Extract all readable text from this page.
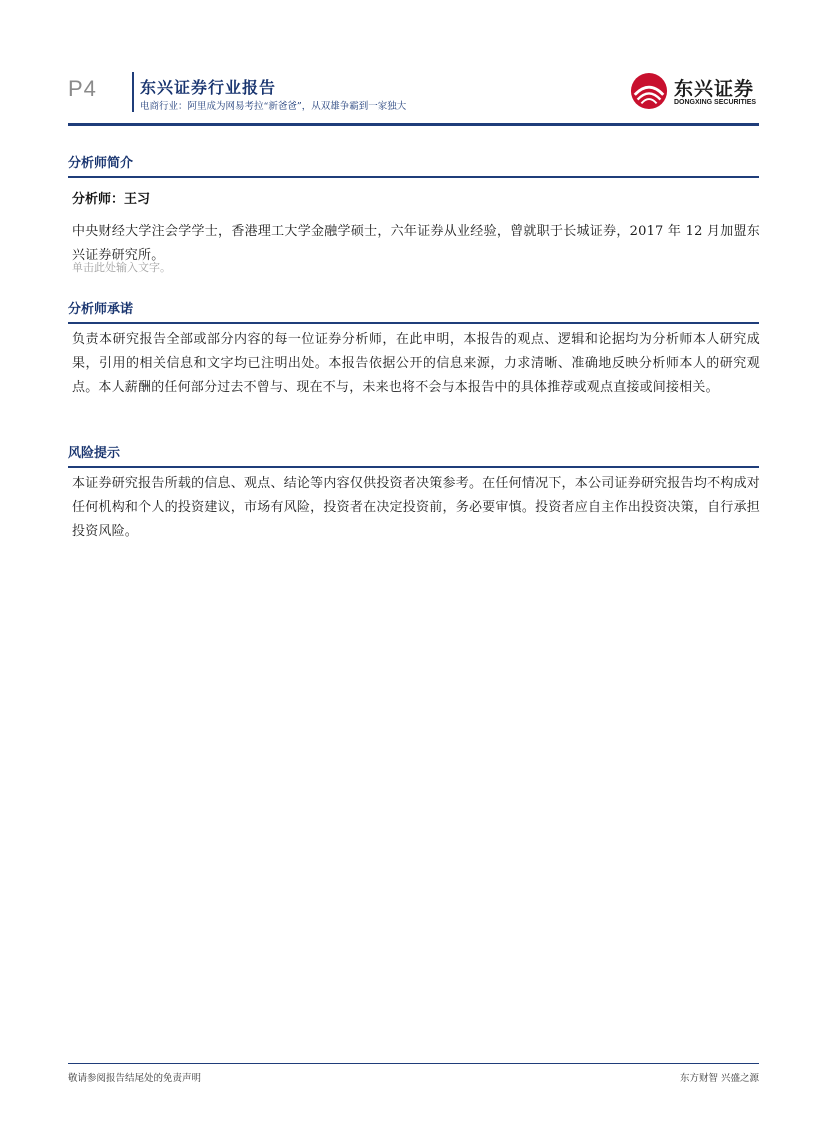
P4	东兴证券行业报告
电商行业：阿里成为网易考拉“新爸爸”，从双雄争霸到一家独大
东兴证券
DONGXING SECURITIES
分析师简介
分析师：王习
中央财经大学注会学学士，香港理工大学金融学硕士，六年证券从业经验，曾就职于长城证券，2017 年 12 月加盟东兴证券研究所。
单击此处输入文字。
分析师承诺
负责本研究报告全部或部分内容的每一位证券分析师，在此申明，本报告的观点、逻辑和论据均为分析师本人研究成果，引用的相关信息和文字均已注明出处。本报告依据公开的信息来源，力求清晰、准确地反映分析师本人的研究观点。本人薪酬的任何部分过去不曾与、现在不与，未来也将不会与本报告中的具体推荐或观点直接或间接相关。
风险提示
本证券研究报告所载的信息、观点、结论等内容仅供投资者决策参考。在任何情况下，本公司证券研究报告均不构成对任何机构和个人的投资建议，市场有风险，投资者在决定投资前，务必要审慎。投资者应自主作出投资决策，自行承担投资风险。
敬请参阅报告结尾处的免责声明	东方财智 兴盛之源
